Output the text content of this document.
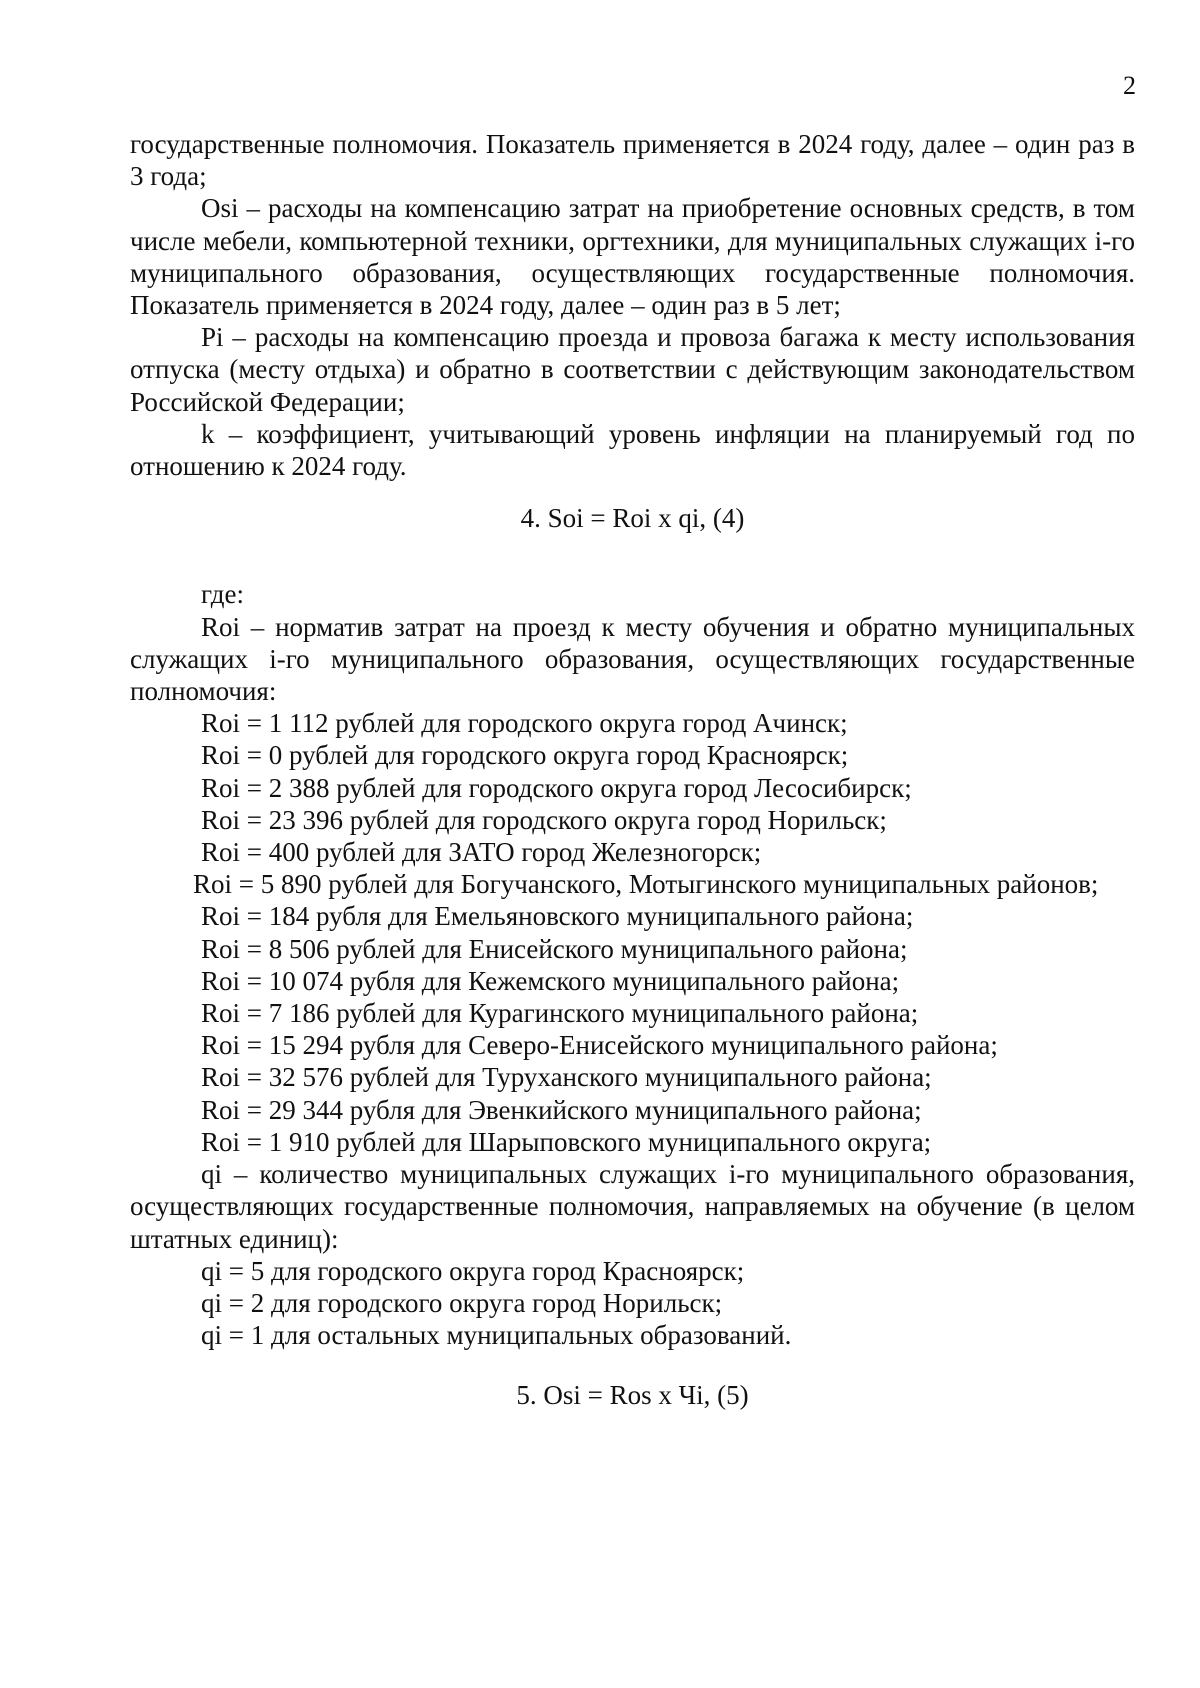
2

государственные полномочия. Показатель применяется в 2024 году, далее – один раз в 3 года;

Osi – расходы на компенсацию затрат на приобретение основных средств, в том числе мебели, компьютерной техники, оргтехники, для муниципальных служащих i-го муниципального образования, осуществляющих государственные полномочия. Показатель применяется в 2024 году, далее – один раз в 5 лет;

Pi – расходы на компенсацию проезда и провоза багажа к месту использования отпуска (месту отдыха) и обратно в соответствии с действующим законодательством Российской Федерации;

k – коэффициент, учитывающий уровень инфляции на планируемый год по отношению к 2024 году.

4. Soi = Roi x qi, (4)

где:

Roi – норматив затрат на проезд к месту обучения и обратно муниципальных служащих i-го муниципального образования, осуществляющих государственные полномочия:

Roi = 1 112 рублей для городского округа город Ачинск;

Roi = 0 рублей для городского округа город Красноярск;

Roi = 2 388 рублей для городского округа город Лесосибирск;

Roi = 23 396 рублей для городского округа город Норильск;

Roi = 400 рублей для ЗАТО город Железногорск;

Roi = 5 890 рублей для Богучанского, Мотыгинского муниципальных районов;

Roi = 184 рубля для Емельяновского муниципального района;

Roi = 8 506 рублей для Енисейского муниципального района;

Roi = 10 074 рубля для Кежемского муниципального района;

Roi = 7 186 рублей для Курагинского муниципального района;

Roi = 15 294 рубля для Северо-Енисейского муниципального района;

Roi = 32 576 рублей для Туруханского муниципального района;

Roi = 29 344 рубля для Эвенкийского муниципального района;

Roi = 1 910 рублей для Шарыповского муниципального округа;

qi – количество муниципальных служащих i-го муниципального образования, осуществляющих государственные полномочия, направляемых на обучение (в целом штатных единиц):

qi = 5 для городского округа город Красноярск;

qi = 2 для городского округа город Норильск;

qi = 1 для остальных муниципальных образований.

5. Osi = Ros x Чi, (5)
